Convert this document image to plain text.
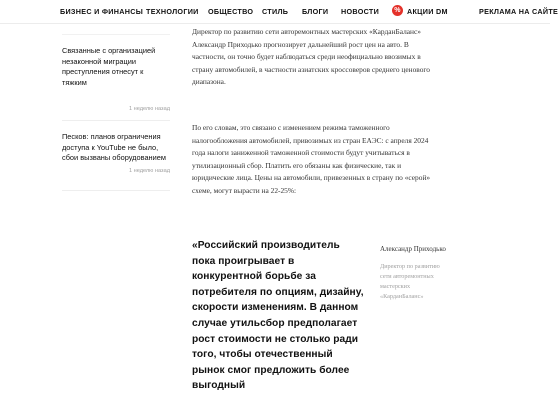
БИЗНЕС И ФИНАНСЫ ТЕХНОЛОГИИ ОБЩЕСТВО СТИЛЬ БЛОГИ НОВОСТИ	% АКЦИИ DM	РЕКЛАМА НА САЙТЕ
Связанные с организацией незаконной миграции преступления отнесут к тяжким
1 неделю назад
Песков: планов ограничения доступа к YouTube не было, сбои вызваны оборудованием
1 неделю назад

Директор по развитию сети авторемонтных мастерских «КарданБаланс» Александр Приходько прогнозирует дальнейший рост цен на авто. В частности, он точно будет наблюдаться среди неофициально ввозимых в страну автомобилей, в частности азиатских кроссоверов среднего ценового диапазона.

По его словам, это связано с изменением режима таможенного налогообложения автомобилей, привозимых из стран ЕАЭС: с апреля 2024 года налоги заниженной таможенной стоимости будут учитываться в утилизационный сбор. Платить его обязаны как физические, так и юридические лица. Цены на автомобили, привезенных в страну по «серой» схеме, могут вырасти на 22-25%:

«Российский производитель пока проигрывает в конкурентной борьбе за потребителя по опциям, дизайну, скорости изменениям. В данном случае утильсбор предполагает рост стоимости не столько ради того, чтобы отечественный рынок смог предложить более выгодный
Александр Приходько
Директор по развитию сети авторемонтных мастерских «КарданБаланс»
